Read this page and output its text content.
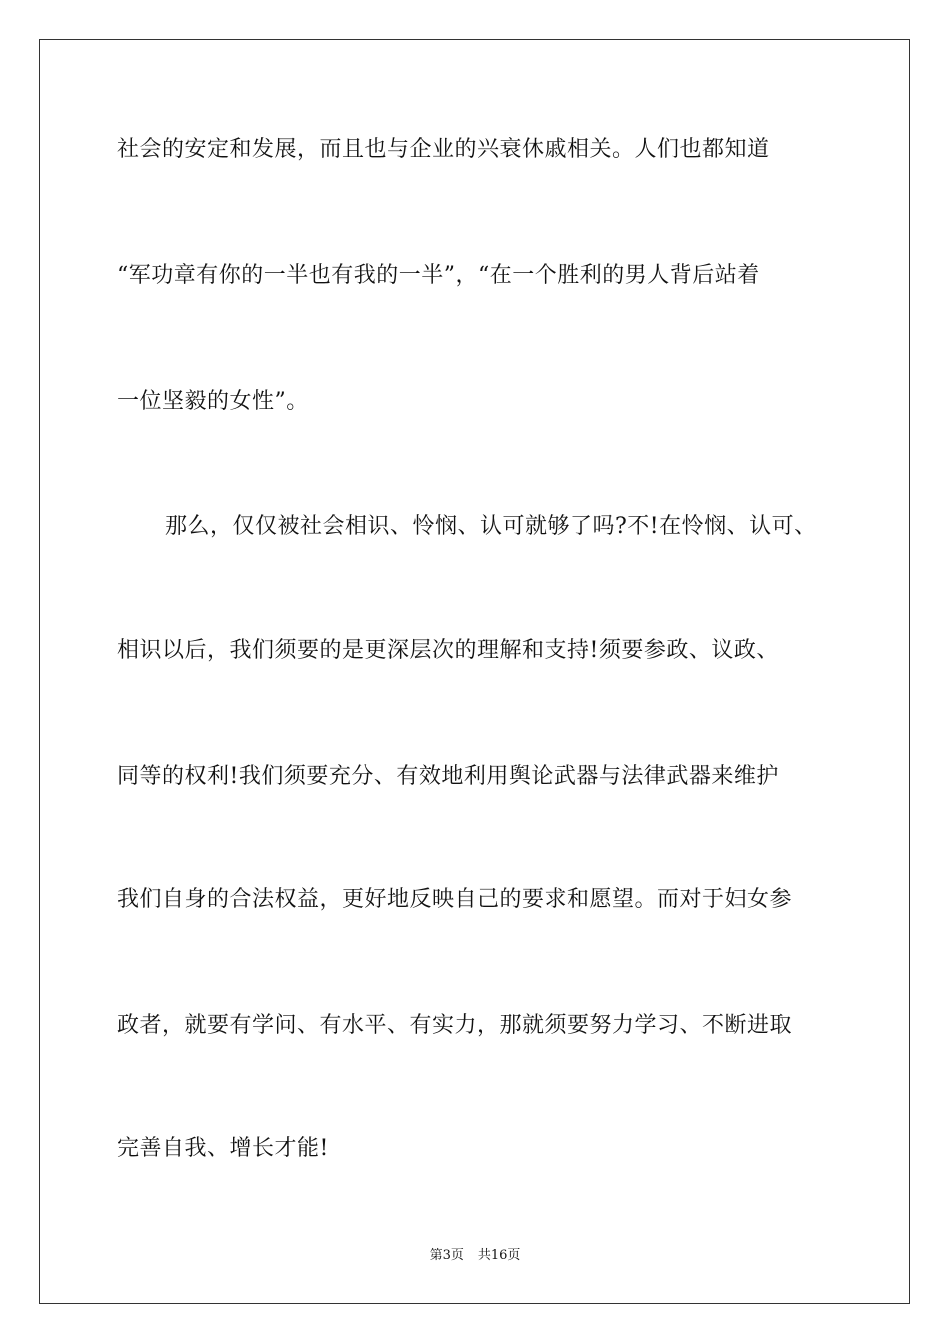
社会的安定和发展，而且也与企业的兴衰休戚相关。人们也都知道
“军功章有你的一半也有我的一半”，“在一个胜利的男人背后站着
一位坚毅的女性”。
那么，仅仅被社会相识、怜悯、认可就够了吗?不!在怜悯、认可、
相识以后，我们须要的是更深层次的理解和支持!须要参政、议政、
同等的权利!我们须要充分、有效地利用舆论武器与法律武器来维护
我们自身的合法权益，更好地反映自己的要求和愿望。而对于妇女参
政者，就要有学问、有水平、有实力，那就须要努力学习、不断进取
完善自我、增长才能!
第3页 共16页
